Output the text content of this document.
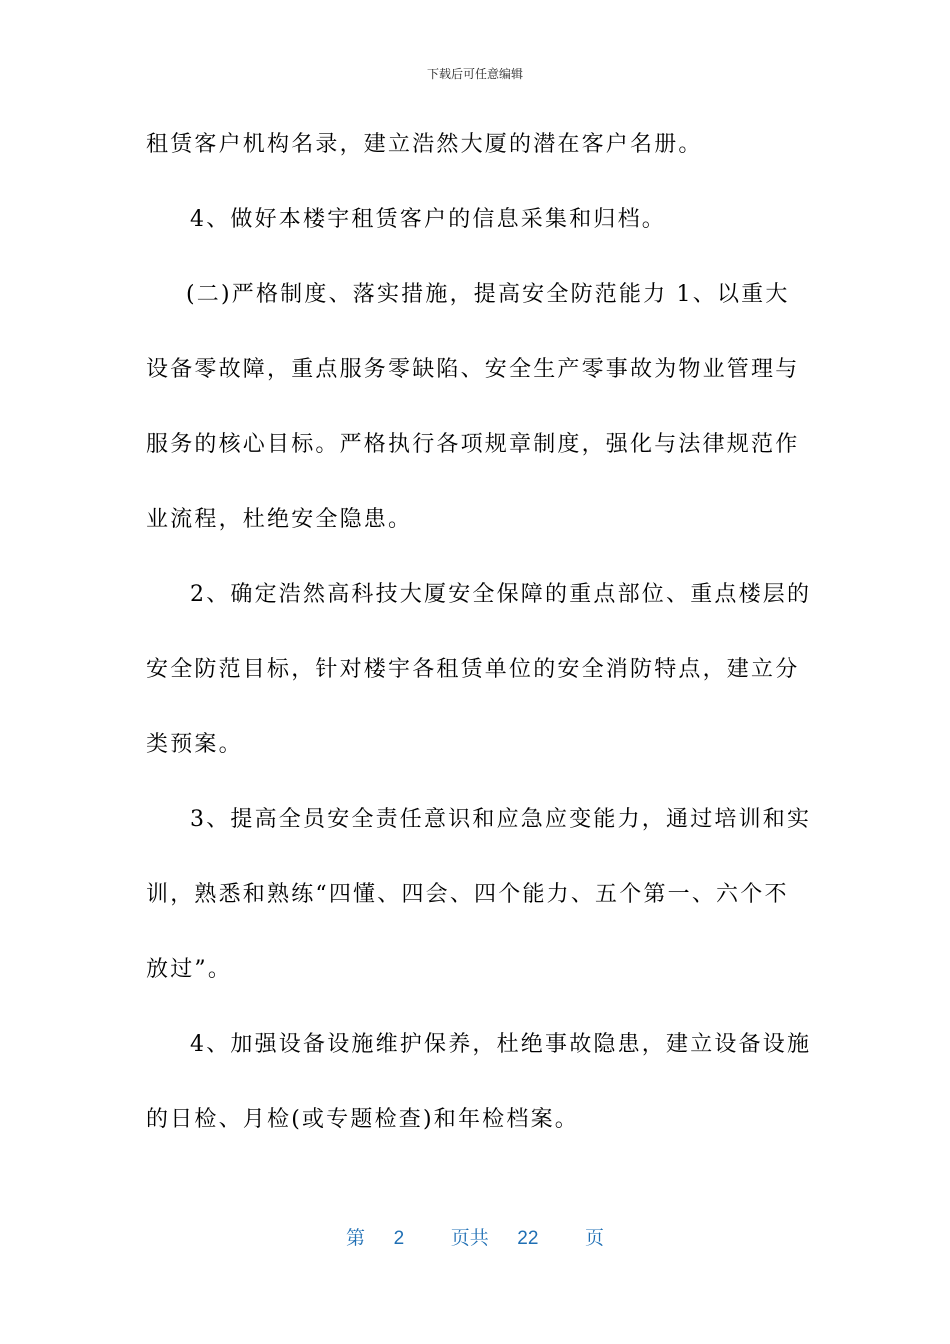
下载后可任意编辑
租赁客户机构名录，建立浩然大厦的潜在客户名册。
4、做好本楼宇租赁客户的信息采集和归档。
(二)严格制度、落实措施，提高安全防范能力 1、以重大
设备零故障，重点服务零缺陷、安全生产零事故为物业管理与
服务的核心目标。严格执行各项规章制度，强化与法律规范作
业流程，杜绝安全隐患。
2、确定浩然高科技大厦安全保障的重点部位、重点楼层的
安全防范目标，针对楼宇各租赁单位的安全消防特点，建立分
类预案。
3、提高全员安全责任意识和应急应变能力，通过培训和实
训，熟悉和熟练“四懂、四会、四个能力、五个第一、六个不
放过”。
4、加强设备设施维护保养，杜绝事故隐患，建立设备设施
的日检、月检(或专题检查)和年检档案。
第 2 页共 22 页
